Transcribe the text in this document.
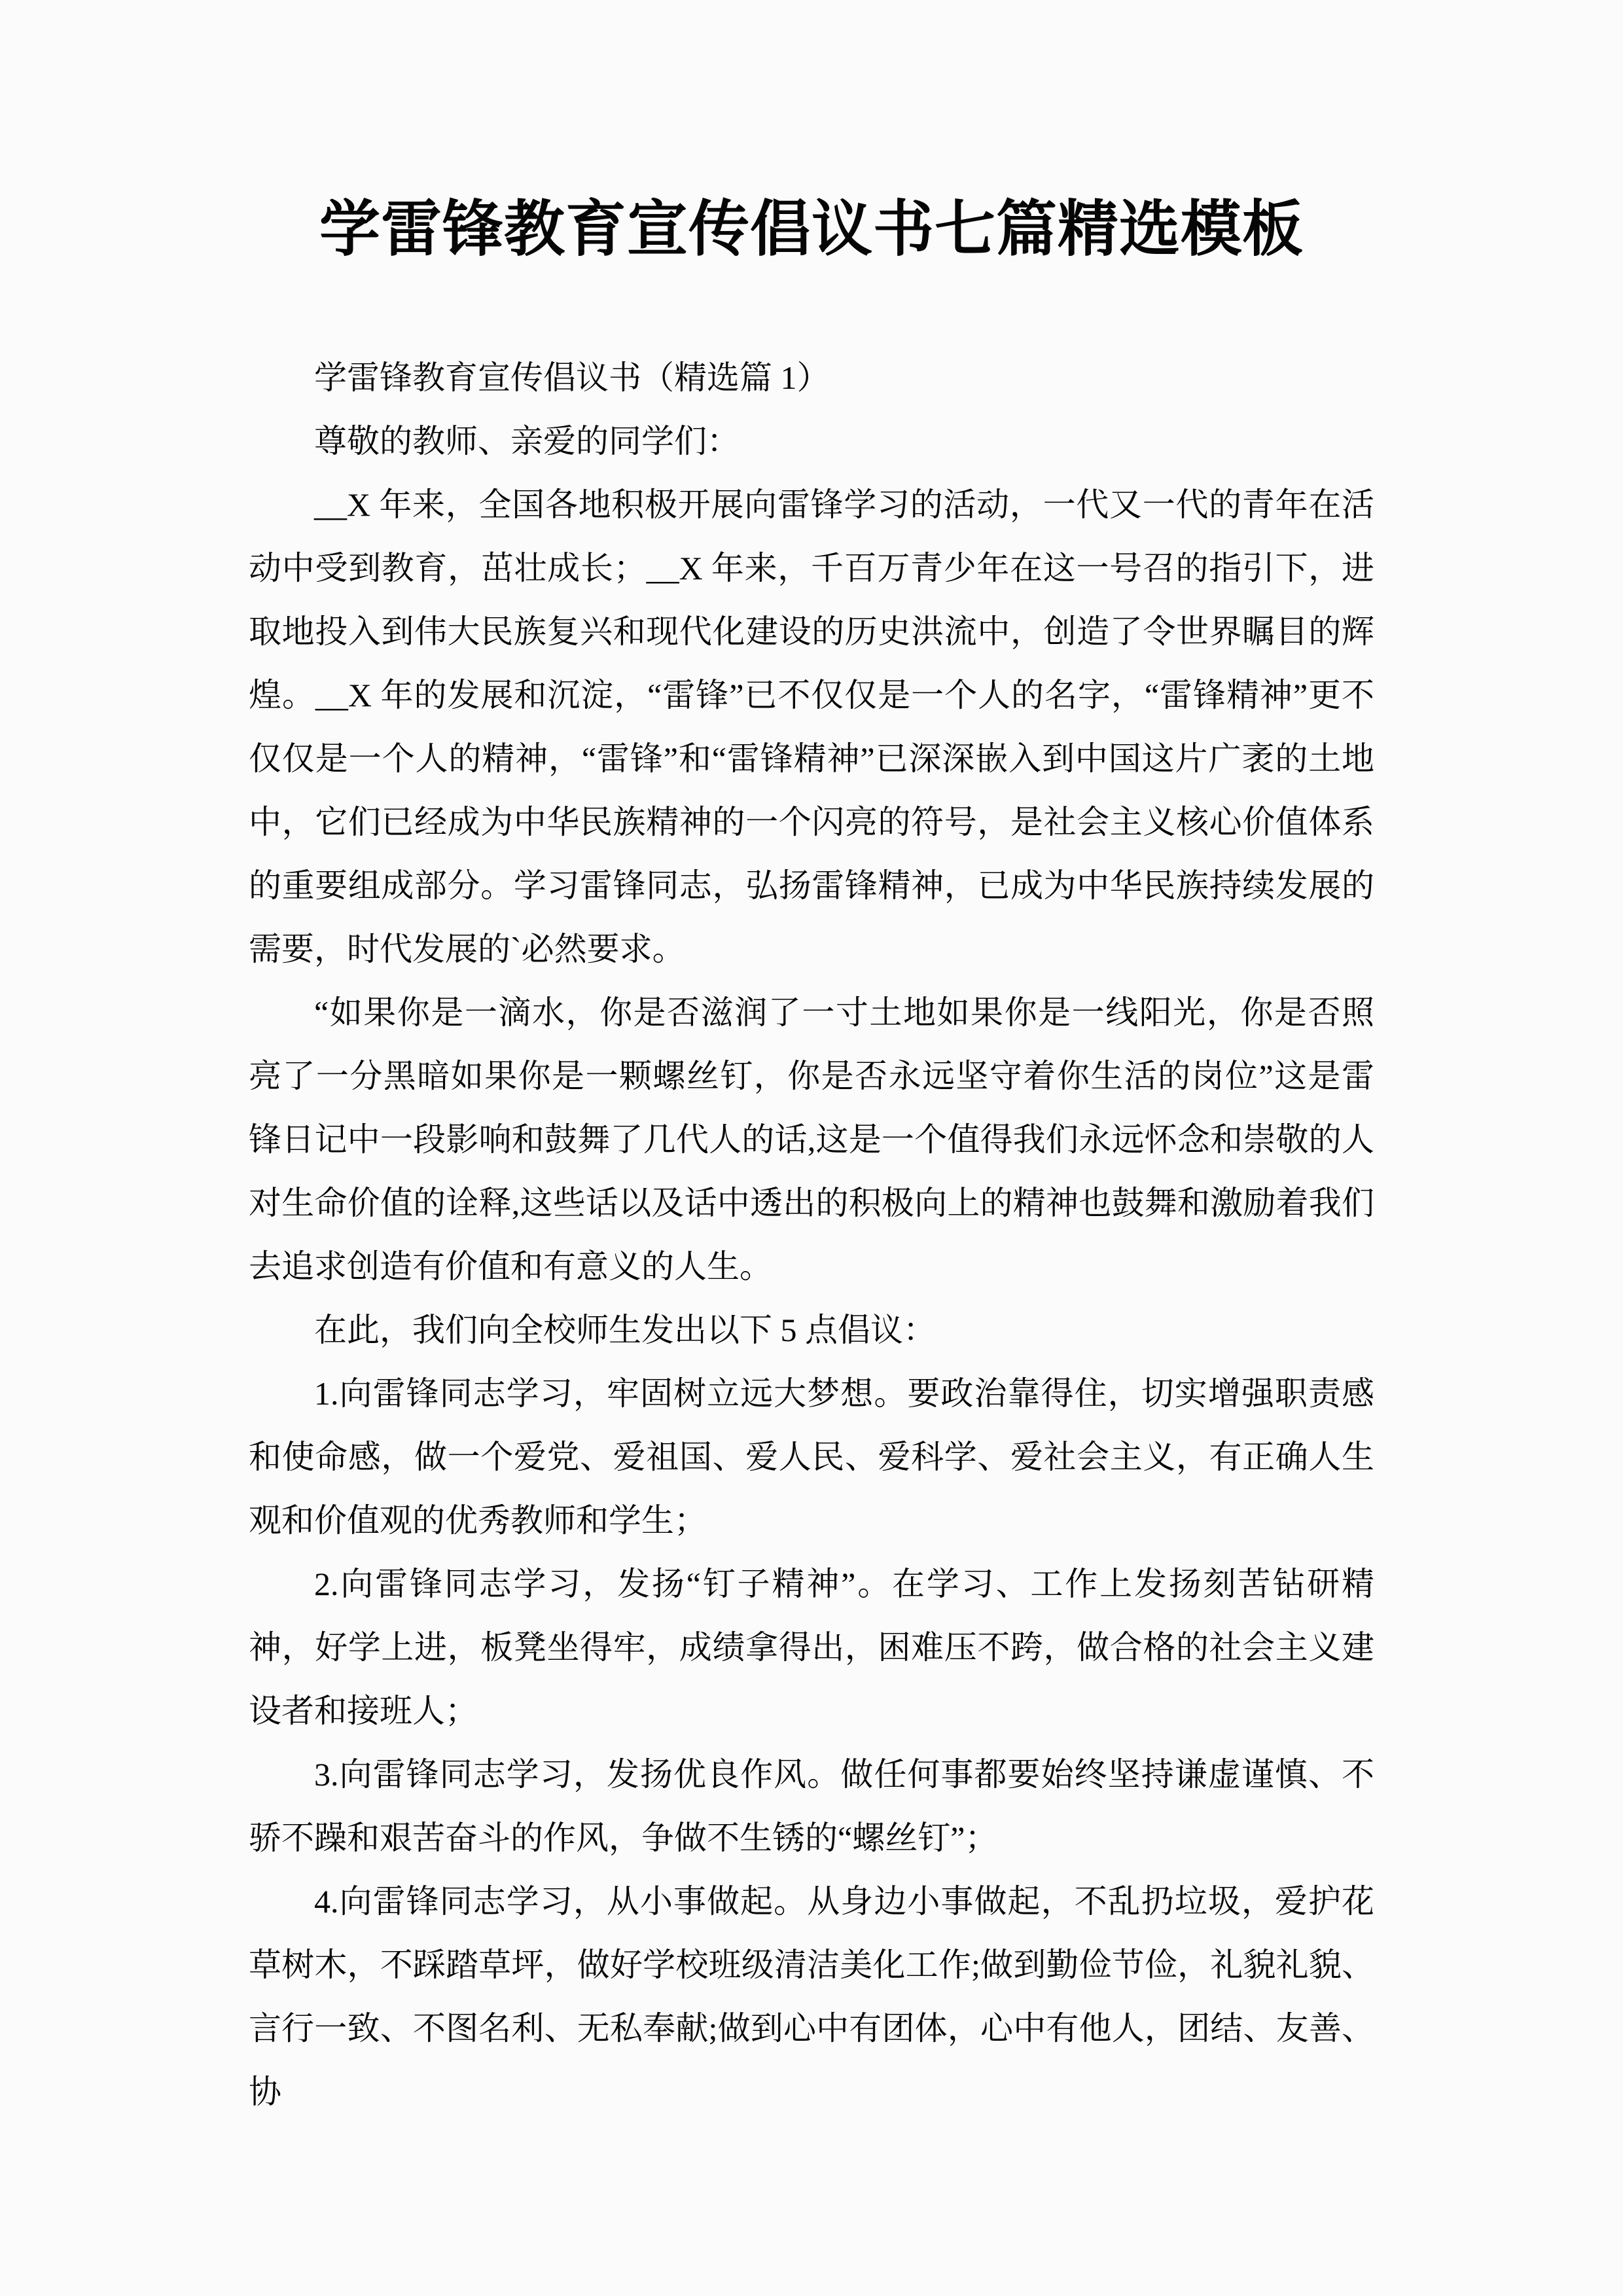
学雷锋教育宣传倡议书七篇精选模板

学雷锋教育宣传倡议书（精选篇 1）

尊敬的教师、亲爱的同学们：

__X 年来，全国各地积极开展向雷锋学习的活动，一代又一代的青年在活动中受到教育，茁壮成长；__X 年来，千百万青少年在这一号召的指引下，进取地投入到伟大民族复兴和现代化建设的历史洪流中，创造了令世界瞩目的辉煌。__X 年的发展和沉淀，“雷锋”已不仅仅是一个人的名字，“雷锋精神”更不仅仅是一个人的精神，“雷锋”和“雷锋精神”已深深嵌入到中国这片广袤的土地中，它们已经成为中华民族精神的一个闪亮的符号，是社会主义核心价值体系的重要组成部分。学习雷锋同志，弘扬雷锋精神，已成为中华民族持续发展的需要，时代发展的`必然要求。

“如果你是一滴水，你是否滋润了一寸土地如果你是一线阳光，你是否照亮了一分黑暗如果你是一颗螺丝钉，你是否永远坚守着你生活的岗位”这是雷锋日记中一段影响和鼓舞了几代人的话,这是一个值得我们永远怀念和崇敬的人对生命价值的诠释,这些话以及话中透出的积极向上的精神也鼓舞和激励着我们去追求创造有价值和有意义的人生。

在此，我们向全校师生发出以下 5 点倡议：

1.向雷锋同志学习，牢固树立远大梦想。要政治靠得住，切实增强职责感和使命感，做一个爱党、爱祖国、爱人民、爱科学、爱社会主义，有正确人生观和价值观的优秀教师和学生；

2.向雷锋同志学习，发扬“钉子精神”。在学习、工作上发扬刻苦钻研精神，好学上进，板凳坐得牢，成绩拿得出，困难压不跨，做合格的社会主义建设者和接班人；

3.向雷锋同志学习，发扬优良作风。做任何事都要始终坚持谦虚谨慎、不骄不躁和艰苦奋斗的作风，争做不生锈的“螺丝钉”；

4.向雷锋同志学习，从小事做起。从身边小事做起，不乱扔垃圾，爱护花草树木，不踩踏草坪，做好学校班级清洁美化工作;做到勤俭节俭，礼貌礼貌、言行一致、不图名利、无私奉献;做到心中有团体，心中有他人，团结、友善、协
